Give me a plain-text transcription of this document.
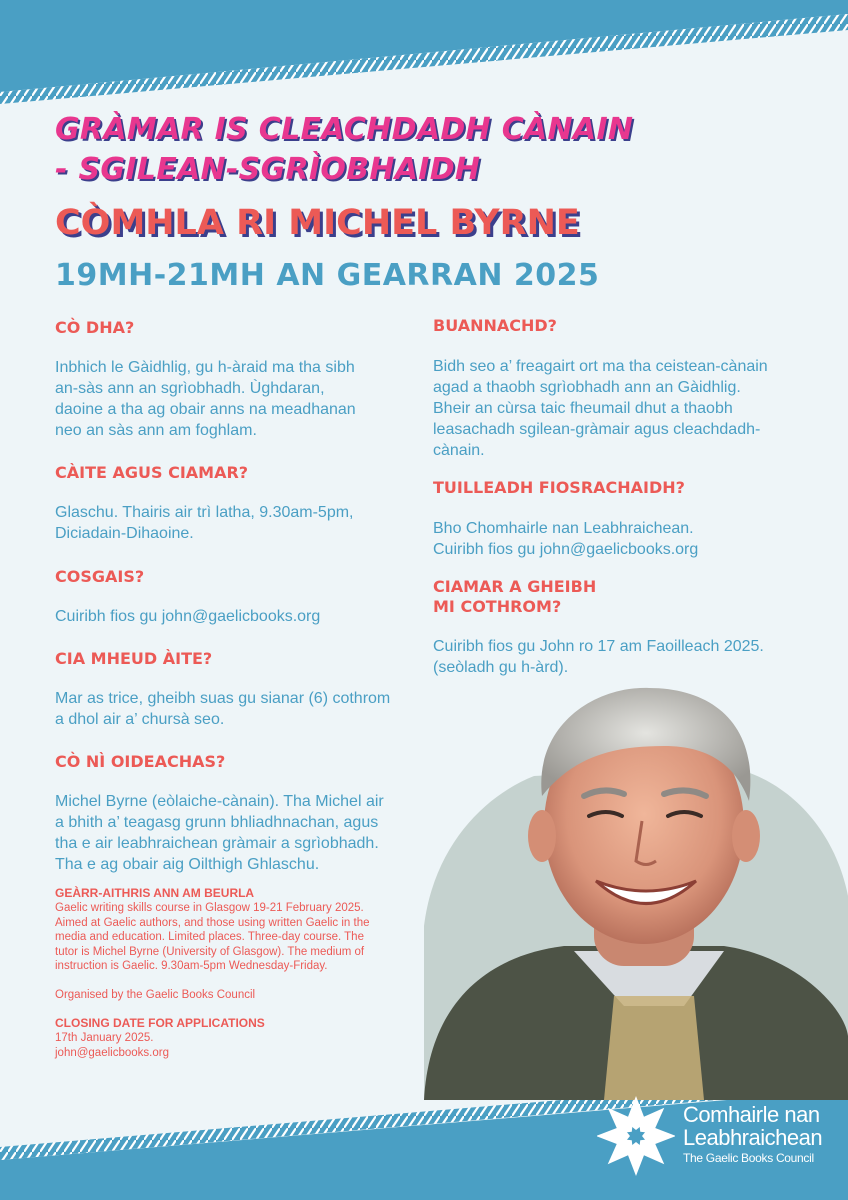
GRÀMAR IS CLEACHDADH CÀNAIN
- SGILEAN-SGRÌOBHAIDH
CÒMHLA RI MICHEL BYRNE
19MH-21MH AN GEARRAN 2025
CÒ DHA?
Inbhich le Gàidhlig, gu h-àraid ma tha sibh
an-sàs ann an sgrìobhadh. Ùghdaran,
daoine a tha ag obair anns na meadhanan
neo an sàs ann am foghlam.
CÀITE AGUS CIAMAR?
Glaschu. Thairis air trì latha, 9.30am-5pm,
Diciadain-Dihaoine.
COSGAIS?
Cuiribh fios gu john@gaelicbooks.org
CIA MHEUD ÀITE?
Mar as trice, gheibh suas gu sianar (6) cothrom
a dhol air a’ chursà seo.
CÒ NÌ OIDEACHAS?
Michel Byrne (eòlaiche-cànain). Tha Michel air
a bhith a’ teagasg grunn bhliadhnachan, agus
tha e air leabhraichean gràmair a sgrìobhadh.
Tha e ag obair aig Oilthigh Ghlaschu.
BUANNACHD?
Bidh seo a’ freagairt ort ma tha ceistean-cànain
agad a thaobh sgrìobhadh ann an Gàidhlig.
Bheir an cùrsa taic fheumail dhut a thaobh
leasachadh sgilean-gràmair agus cleachdadh-
cànain.
TUILLEADH FIOSRACHAIDH?
Bho Chomhairle nan Leabhraichean.
Cuiribh fios gu john@gaelicbooks.org
CIAMAR A GHEIBH
MI COTHROM?
Cuiribh fios gu John ro 17 am Faoilleach 2025.
(seòladh gu h-àrd).
GEÀRR-AITHRIS ANN AM BEURLA
Gaelic writing skills course in Glasgow 19-21 February 2025.
Aimed at Gaelic authors, and those using written Gaelic in the
media and education. Limited places. Three-day course. The
tutor is Michel Byrne (University of Glasgow). The medium of
instruction is Gaelic. 9.30am-5pm Wednesday-Friday.
Organised by the Gaelic Books Council
CLOSING DATE FOR APPLICATIONS
17th January 2025.
john@gaelicbooks.org
Comhairle nan
Leabhraichean
The Gaelic Books Council
